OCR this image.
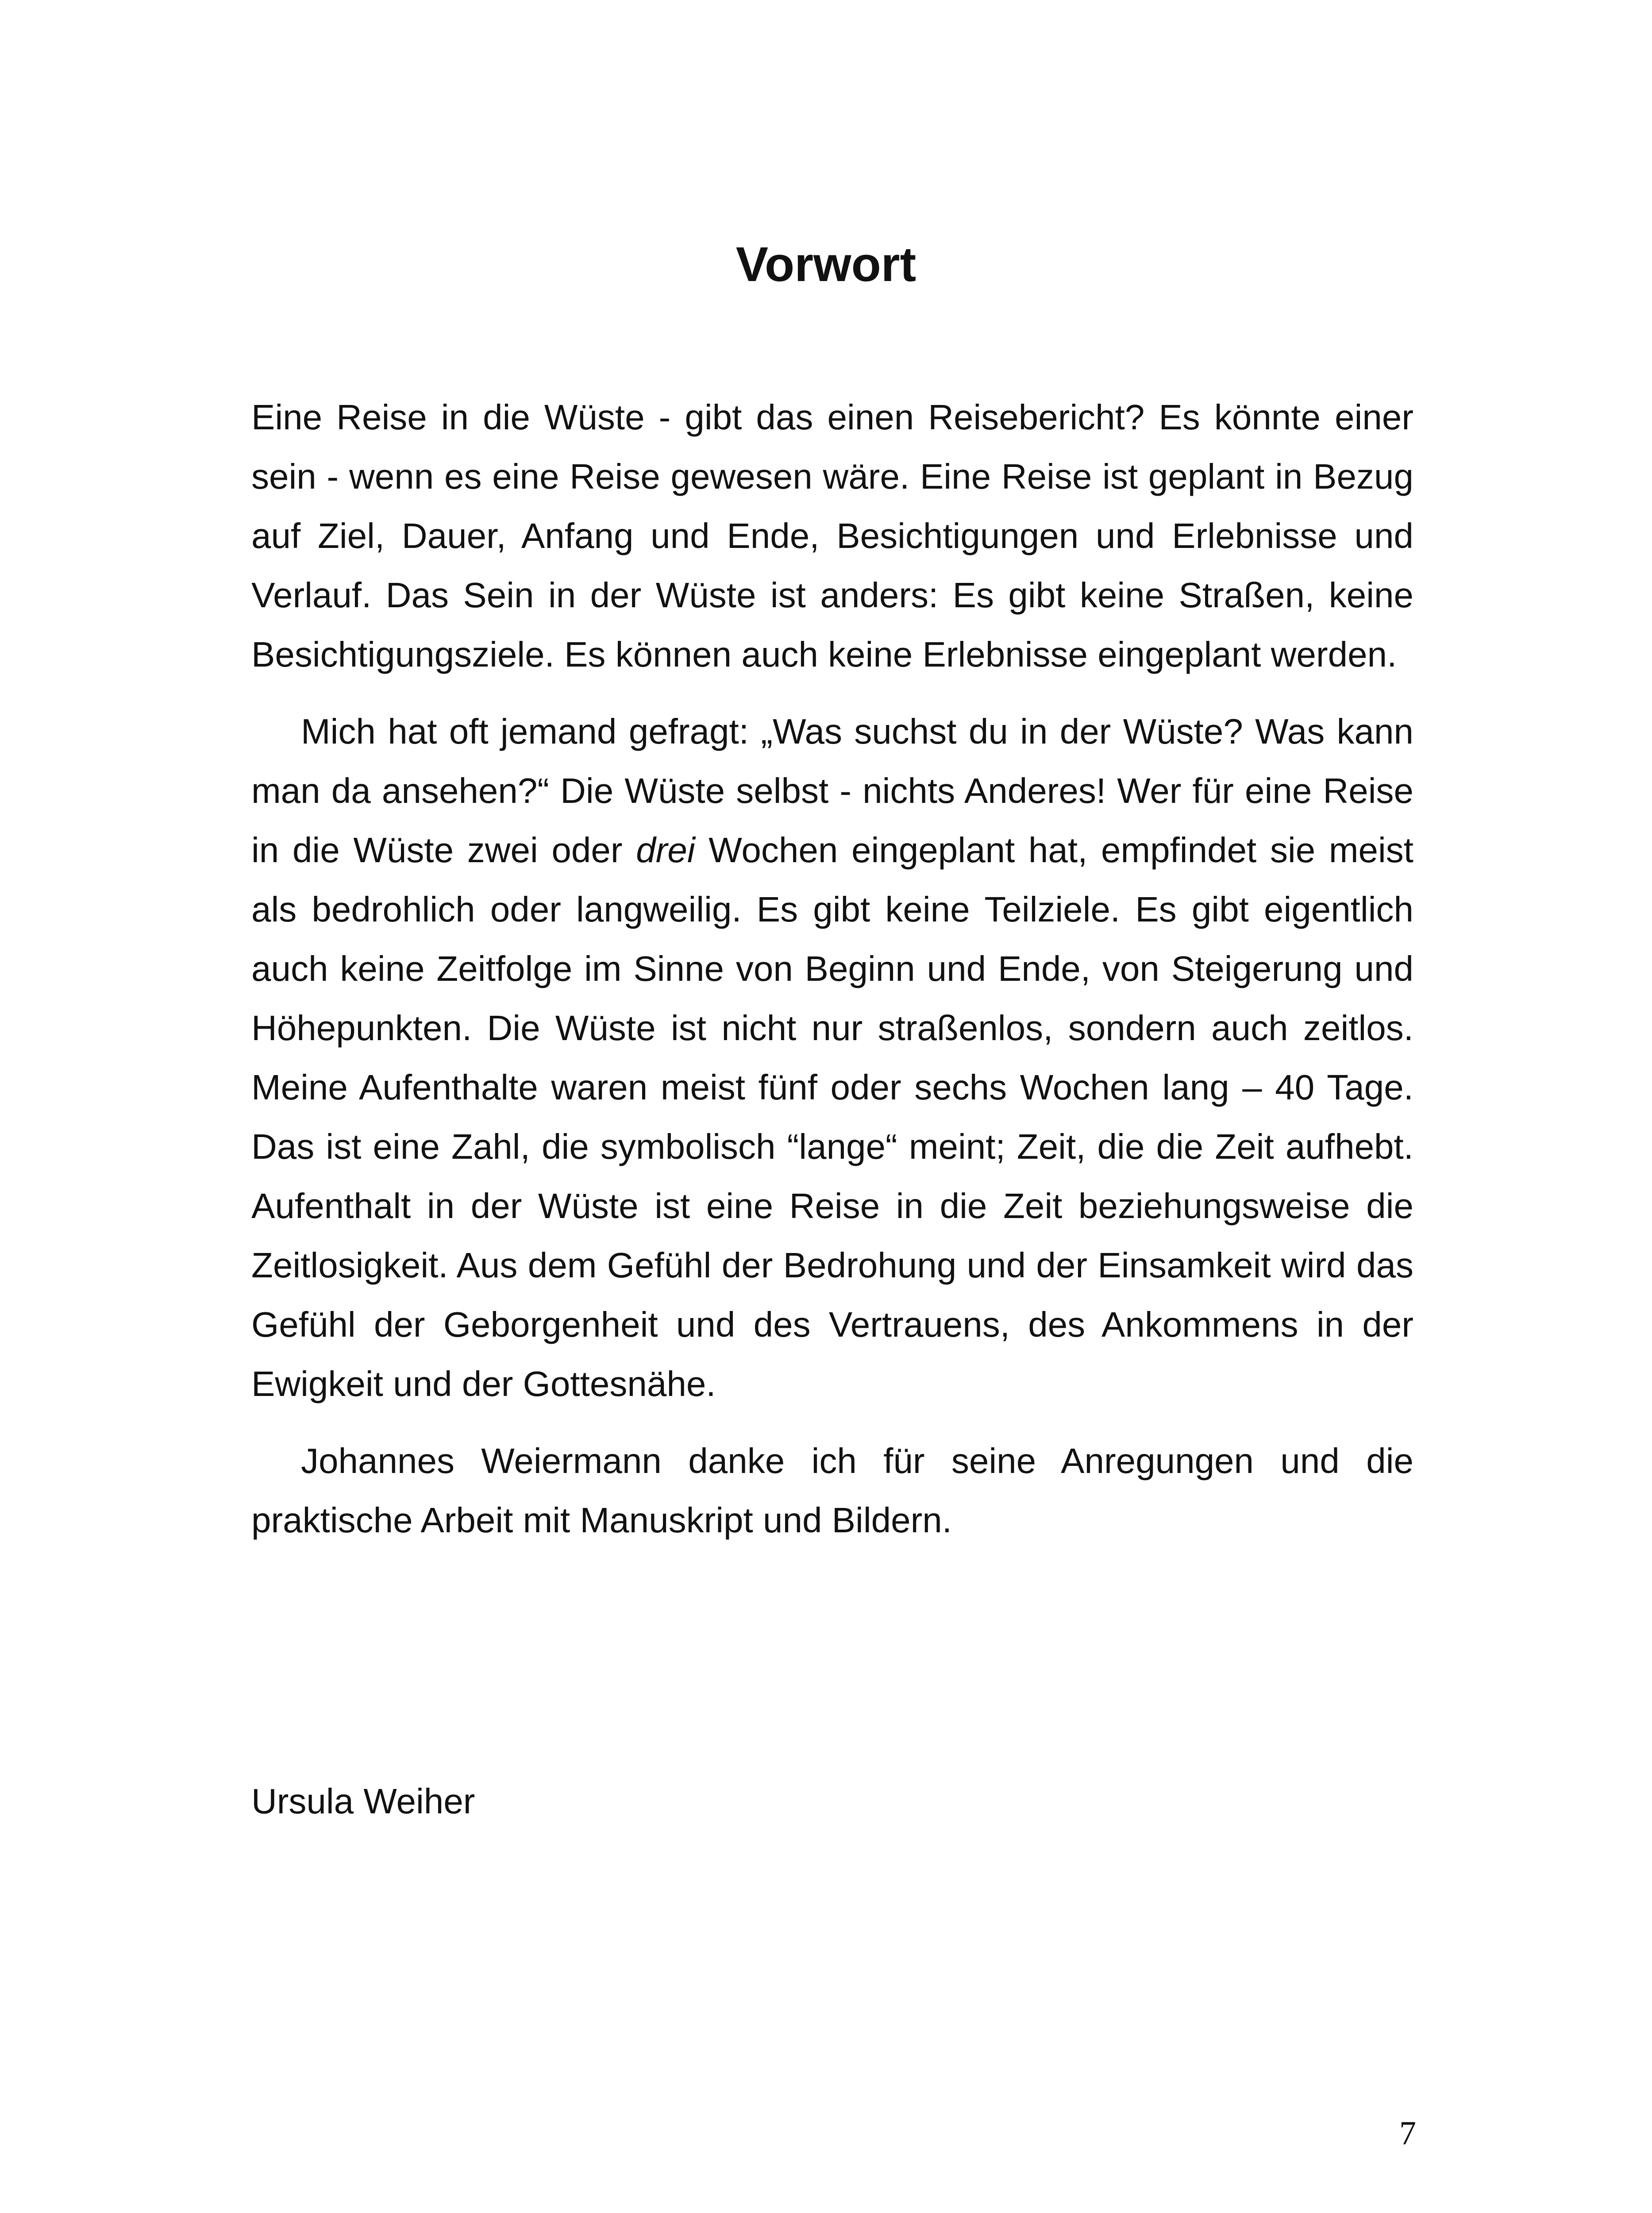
Vorwort

Eine Reise in die Wüste - gibt das einen Reisebericht? Es könnte einer sein - wenn es eine Reise gewesen wäre. Eine Reise ist geplant in Bezug auf Ziel, Dauer, Anfang und Ende, Besichtigungen und Erlebnisse und Verlauf. Das Sein in der Wüste ist anders: Es gibt keine Straßen, keine Besichtigungsziele. Es können auch keine Erlebnisse eingeplant werden.

Mich hat oft jemand gefragt: „Was suchst du in der Wüste? Was kann man da ansehen?“ Die Wüste selbst - nichts Anderes! Wer für eine Reise in die Wüste zwei oder drei Wochen eingeplant hat, empfindet sie meist als bedrohlich oder langweilig. Es gibt keine Teilziele. Es gibt eigentlich auch keine Zeitfolge im Sinne von Beginn und Ende, von Steigerung und Höhepunkten. Die Wüste ist nicht nur straßenlos, sondern auch zeitlos. Meine Aufenthalte waren meist fünf oder sechs Wochen lang – 40 Tage. Das ist eine Zahl, die symbolisch “lange“ meint; Zeit, die die Zeit aufhebt. Aufenthalt in der Wüste ist eine Reise in die Zeit beziehungsweise die Zeitlosigkeit. Aus dem Gefühl der Bedrohung und der Einsamkeit wird das Gefühl der Geborgenheit und des Vertrauens, des Ankommens in der Ewigkeit und der Gottesnähe.

Johannes Weiermann danke ich für seine Anregungen und die praktische Arbeit mit Manuskript und Bildern.

Ursula Weiher

7
